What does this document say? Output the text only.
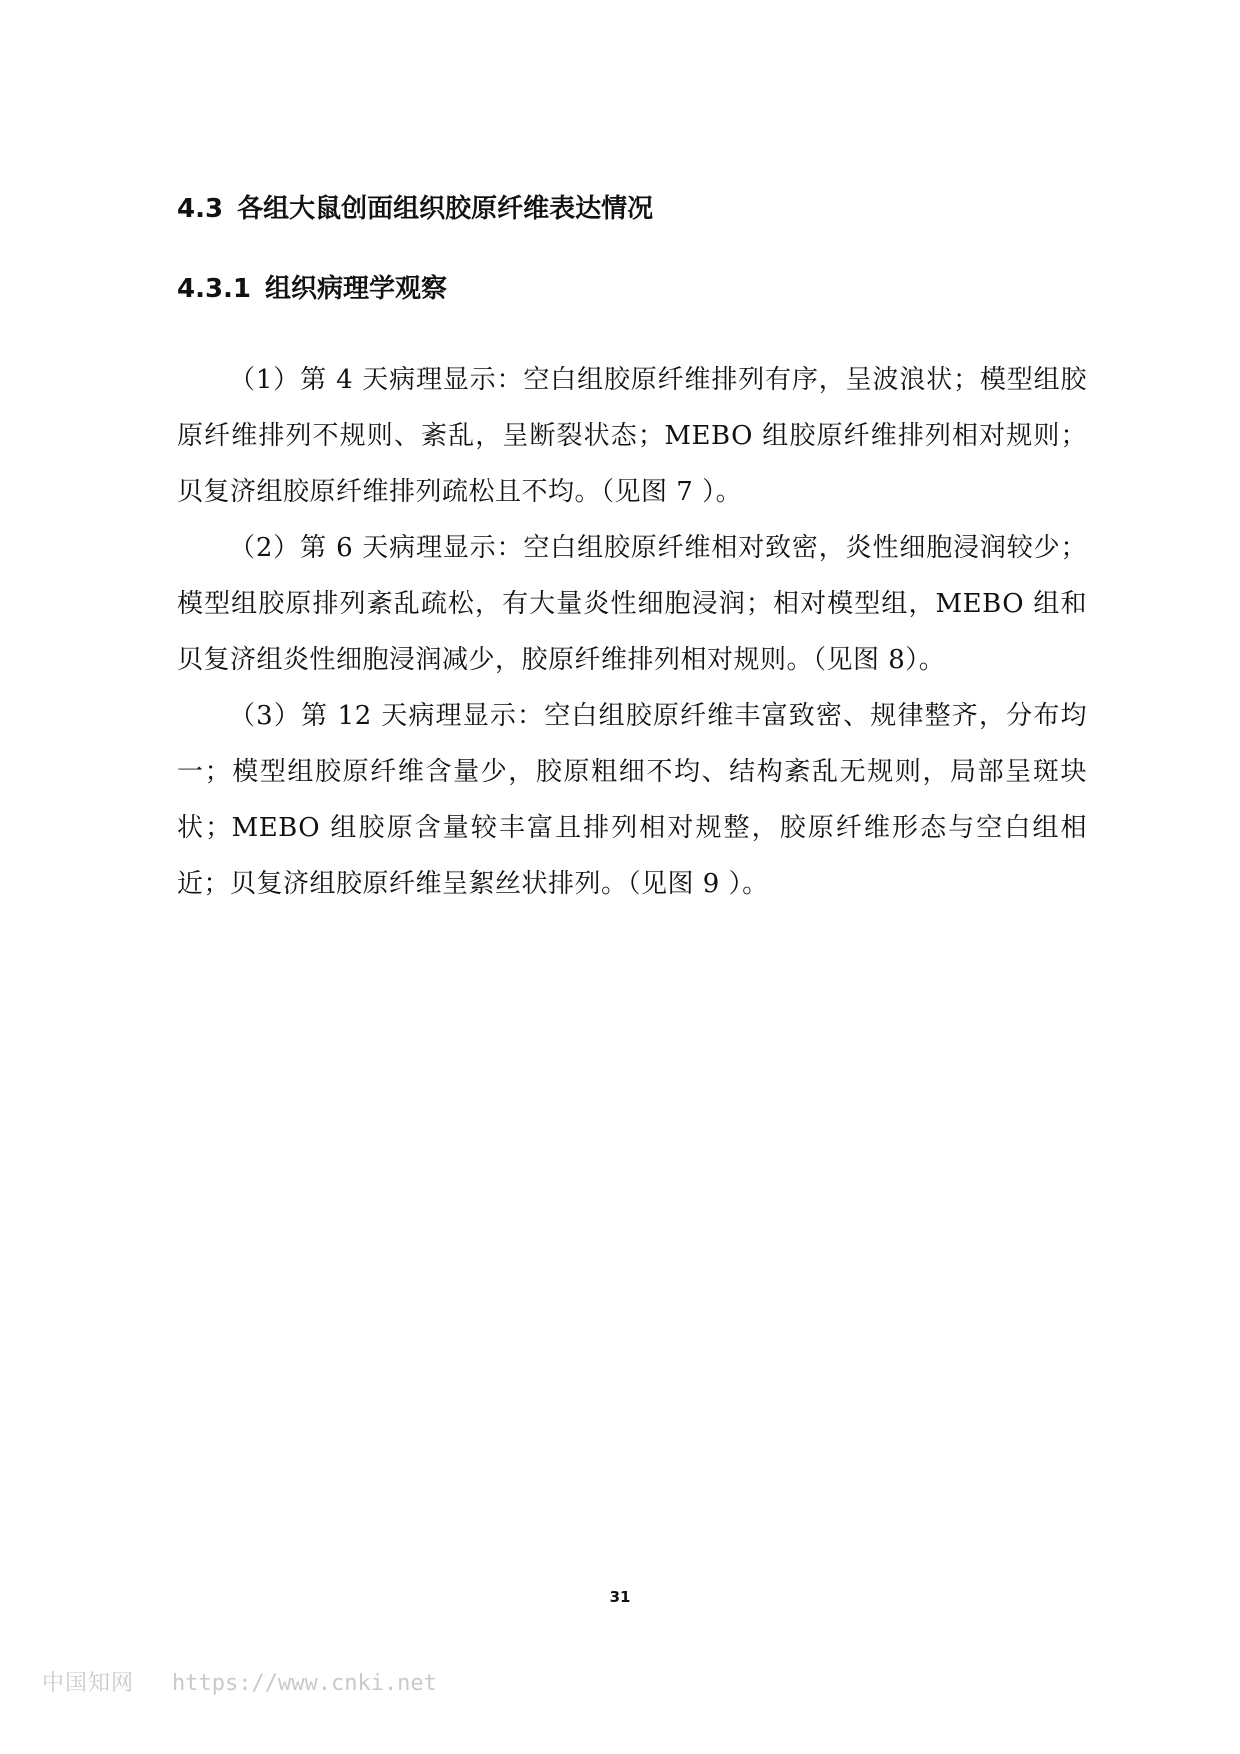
4.3 各组大鼠创面组织胶原纤维表达情况
4.3.1 组织病理学观察

（1）第 4 天病理显示：空白组胶原纤维排列有序，呈波浪状；模型组胶原纤维排列不规则、紊乱，呈断裂状态；MEBO 组胶原纤维排列相对规则；贝复济组胶原纤维排列疏松且不均。（见图 7 ）。

（2）第 6 天病理显示：空白组胶原纤维相对致密，炎性细胞浸润较少；模型组胶原排列紊乱疏松，有大量炎性细胞浸润；相对模型组，MEBO 组和贝复济组炎性细胞浸润减少，胶原纤维排列相对规则。（见图 8）。

（3）第 12 天病理显示：空白组胶原纤维丰富致密、规律整齐，分布均一；模型组胶原纤维含量少，胶原粗细不均、结构紊乱无规则，局部呈斑块状；MEBO 组胶原含量较丰富且排列相对规整，胶原纤维形态与空白组相近；贝复济组胶原纤维呈絮丝状排列。（见图 9 ）。

31
中国知网 https://www.cnki.net
